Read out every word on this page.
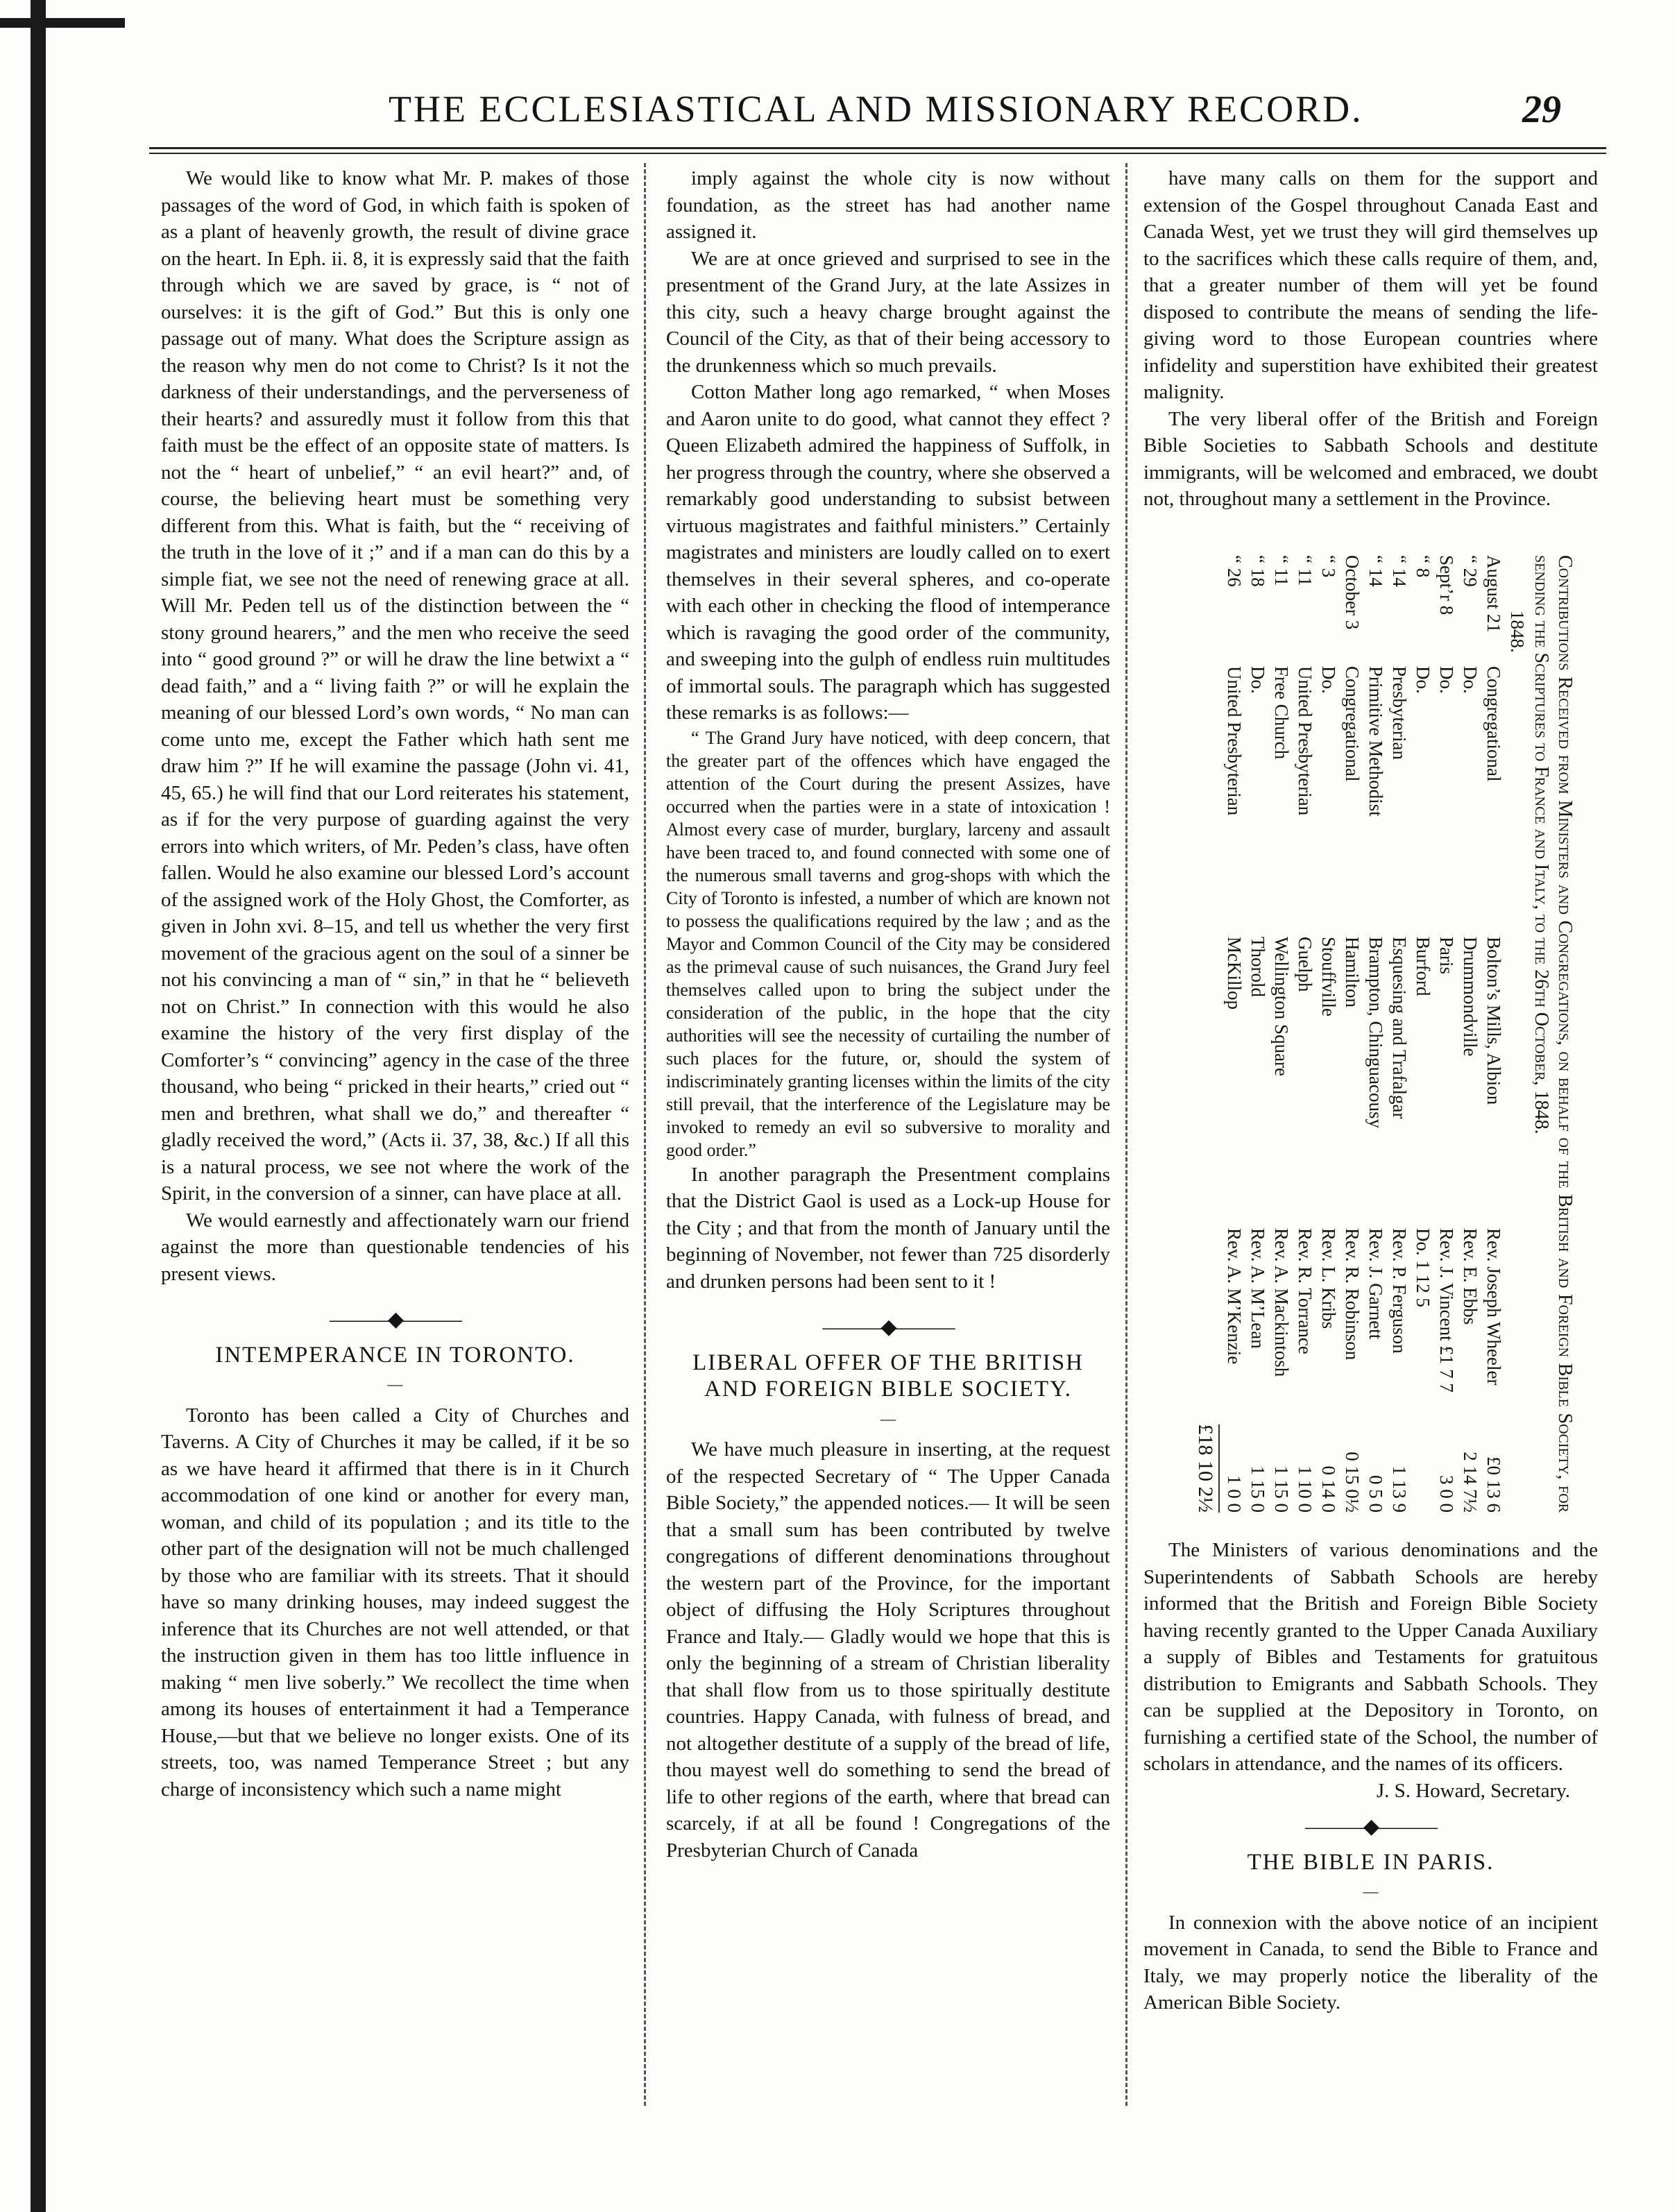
THE ECCLESIASTICAL AND MISSIONARY RECORD.	29

We would like to know what Mr. P. makes of those passages of the word of God, in which faith is spoken of as a plant of heavenly growth, the result of divine grace on the heart. In Eph. ii. 8, it is expressly said that the faith through which we are saved by grace, is “ not of ourselves: it is the gift of God.” But this is only one passage out of many. What does the Scripture assign as the reason why men do not come to Christ? Is it not the darkness of their understandings, and the perverseness of their hearts? and assuredly must it follow from this that faith must be the effect of an opposite state of matters. Is not the “ heart of unbelief,” “ an evil heart?” and, of course, the believing heart must be something very different from this. What is faith, but the “ receiving of the truth in the love of it ;” and if a man can do this by a simple fiat, we see not the need of renewing grace at all. Will Mr. Peden tell us of the distinction between the “ stony ground hearers,” and the men who receive the seed into “ good ground ?” or will he draw the line betwixt a “ dead faith,” and a “ living faith ?” or will he explain the meaning of our blessed Lord’s own words, “ No man can come unto me, except the Father which hath sent me draw him ?” If he will examine the passage (John vi. 41, 45, 65.) he will find that our Lord reiterates his statement, as if for the very purpose of guarding against the very errors into which writers, of Mr. Peden’s class, have often fallen. Would he also examine our blessed Lord’s account of the assigned work of the Holy Ghost, the Comforter, as given in John xvi. 8–15, and tell us whether the very first movement of the gracious agent on the soul of a sinner be not his convincing a man of “ sin,” in that he “ believeth not on Christ.” In connection with this would he also examine the history of the very first display of the Comforter’s “ convincing” agency in the case of the three thousand, who being “ pricked in their hearts,” cried out “ men and brethren, what shall we do,” and thereafter “ gladly received the word,” (Acts ii. 37, 38, &c.) If all this is a natural process, we see not where the work of the Spirit, in the conversion of a sinner, can have place at all.

We would earnestly and affectionately warn our friend against the more than questionable tendencies of his present views.

———◆———
INTEMPERANCE IN TORONTO.
—

Toronto has been called a City of Churches and Taverns. A City of Churches it may be called, if it be so as we have heard it affirmed that there is in it Church accommodation of one kind or another for every man, woman, and child of its population ; and its title to the other part of the designation will not be much challenged by those who are familiar with its streets. That it should have so many drinking houses, may indeed suggest the inference that its Churches are not well attended, or that the instruction given in them has too little influence in making “ men live soberly.” We recollect the time when among its houses of entertainment it had a Temperance House,—but that we believe no longer exists. One of its streets, too, was named Temperance Street ; but any charge of inconsistency which such a name might

imply against the whole city is now without foundation, as the street has had another name assigned it.

We are at once grieved and surprised to see in the presentment of the Grand Jury, at the late Assizes in this city, such a heavy charge brought against the Council of the City, as that of their being accessory to the drunkenness which so much prevails.

Cotton Mather long ago remarked, “ when Moses and Aaron unite to do good, what cannot they effect ? Queen Elizabeth admired the happiness of Suffolk, in her progress through the country, where she observed a remarkably good understanding to subsist between virtuous magistrates and faithful ministers.” Certainly magistrates and ministers are loudly called on to exert themselves in their several spheres, and co-operate with each other in checking the flood of intemperance which is ravaging the good order of the community, and sweeping into the gulph of endless ruin multitudes of immortal souls. The paragraph which has suggested these remarks is as follows:—

“ The Grand Jury have noticed, with deep concern, that the greater part of the offences which have engaged the attention of the Court during the present Assizes, have occurred when the parties were in a state of intoxication ! Almost every case of murder, burglary, larceny and assault have been traced to, and found connected with some one of the numerous small taverns and grog-shops with which the City of Toronto is infested, a number of which are known not to possess the qualifications required by the law ; and as the Mayor and Common Council of the City may be considered as the primeval cause of such nuisances, the Grand Jury feel themselves called upon to bring the subject under the consideration of the public, in the hope that the city authorities will see the necessity of curtailing the number of such places for the future, or, should the system of indiscriminately granting licenses within the limits of the city still prevail, that the interference of the Legislature may be invoked to remedy an evil so subversive to morality and good order.”

In another paragraph the Presentment complains that the District Gaol is used as a Lock-up House for the City ; and that from the month of January until the beginning of November, not fewer than 725 disorderly and drunken persons had been sent to it !

———◆———
LIBERAL OFFER OF THE BRITISH AND FOREIGN BIBLE SOCIETY.
—

We have much pleasure in inserting, at the request of the respected Secretary of “ The Upper Canada Bible Society,” the appended notices.— It will be seen that a small sum has been contributed by twelve congregations of different denominations throughout the western part of the Province, for the important object of diffusing the Holy Scriptures throughout France and Italy.— Gladly would we hope that this is only the beginning of a stream of Christian liberality that shall flow from us to those spiritually destitute countries. Happy Canada, with fulness of bread, and not altogether destitute of a supply of the bread of life, thou mayest well do something to send the bread of life to other regions of the earth, where that bread can scarcely, if at all be found ! Congregations of the Presbyterian Church of Canada

have many calls on them for the support and extension of the Gospel throughout Canada East and Canada West, yet we trust they will gird themselves up to the sacrifices which these calls require of them, and, that a greater number of them will yet be found disposed to contribute the means of sending the life-giving word to those European countries where infidelity and superstition have exhibited their greatest malignity.

The very liberal offer of the British and Foreign Bible Societies to Sabbath Schools and destitute immigrants, will be welcomed and embraced, we doubt not, throughout many a settlement in the Province.

Contributions Received from Ministers and Congregations, on behalf of the British and Foreign Bible Society, for sending the Scriptures to France and Italy, to the 26th October, 1848.

1848.
August 21
Congregational
Bolton’s Mills, Albion
Rev. Joseph Wheeler
£0 13 6
“ 29
Do.
Drummondville
Rev. E. Ebbs
2 14 7½
Sept’r 8
Do.
Paris
Rev. J. Vincent £1 7 7
3 0 0
“ 8
Do.
Burford
Do. 1 12 5
“ 14
Presbyterian
Esquesing and Trafalgar
Rev. P. Ferguson
1 13 9
“ 14
Primitive Methodist
Brampton, Chinguacousy
Rev. J. Garnett
0 5 0
October 3
Congregational
Hamilton
Rev. R. Robinson
0 15 0½
“ 3
Do.
Stouffville
Rev. L. Kribs
0 14 0
“ 11
United Presbyterian
Guelph
Rev. R. Torrance
1 10 0
“ 11
Free Church
Wellington Square
Rev. A. Mackintosh
1 15 0
“ 18
Do.
Thorold
Rev. A. M’Lean
1 15 0
“ 26
United Presbyterian
McKillop
Rev. A. M’Kenzie
1 0 0
£18 10 2½

The Ministers of various denominations and the Superintendents of Sabbath Schools are hereby informed that the British and Foreign Bible Society having recently granted to the Upper Canada Auxiliary a supply of Bibles and Testaments for gratuitous distribution to Emigrants and Sabbath Schools. They can be supplied at the Depository in Toronto, on furnishing a certified state of the School, the number of scholars in attendance, and the names of its officers.

J. S. Howard, Secretary.
———◆———
THE BIBLE IN PARIS.
—

In connexion with the above notice of an incipient movement in Canada, to send the Bible to France and Italy, we may properly notice the liberality of the American Bible Society.
